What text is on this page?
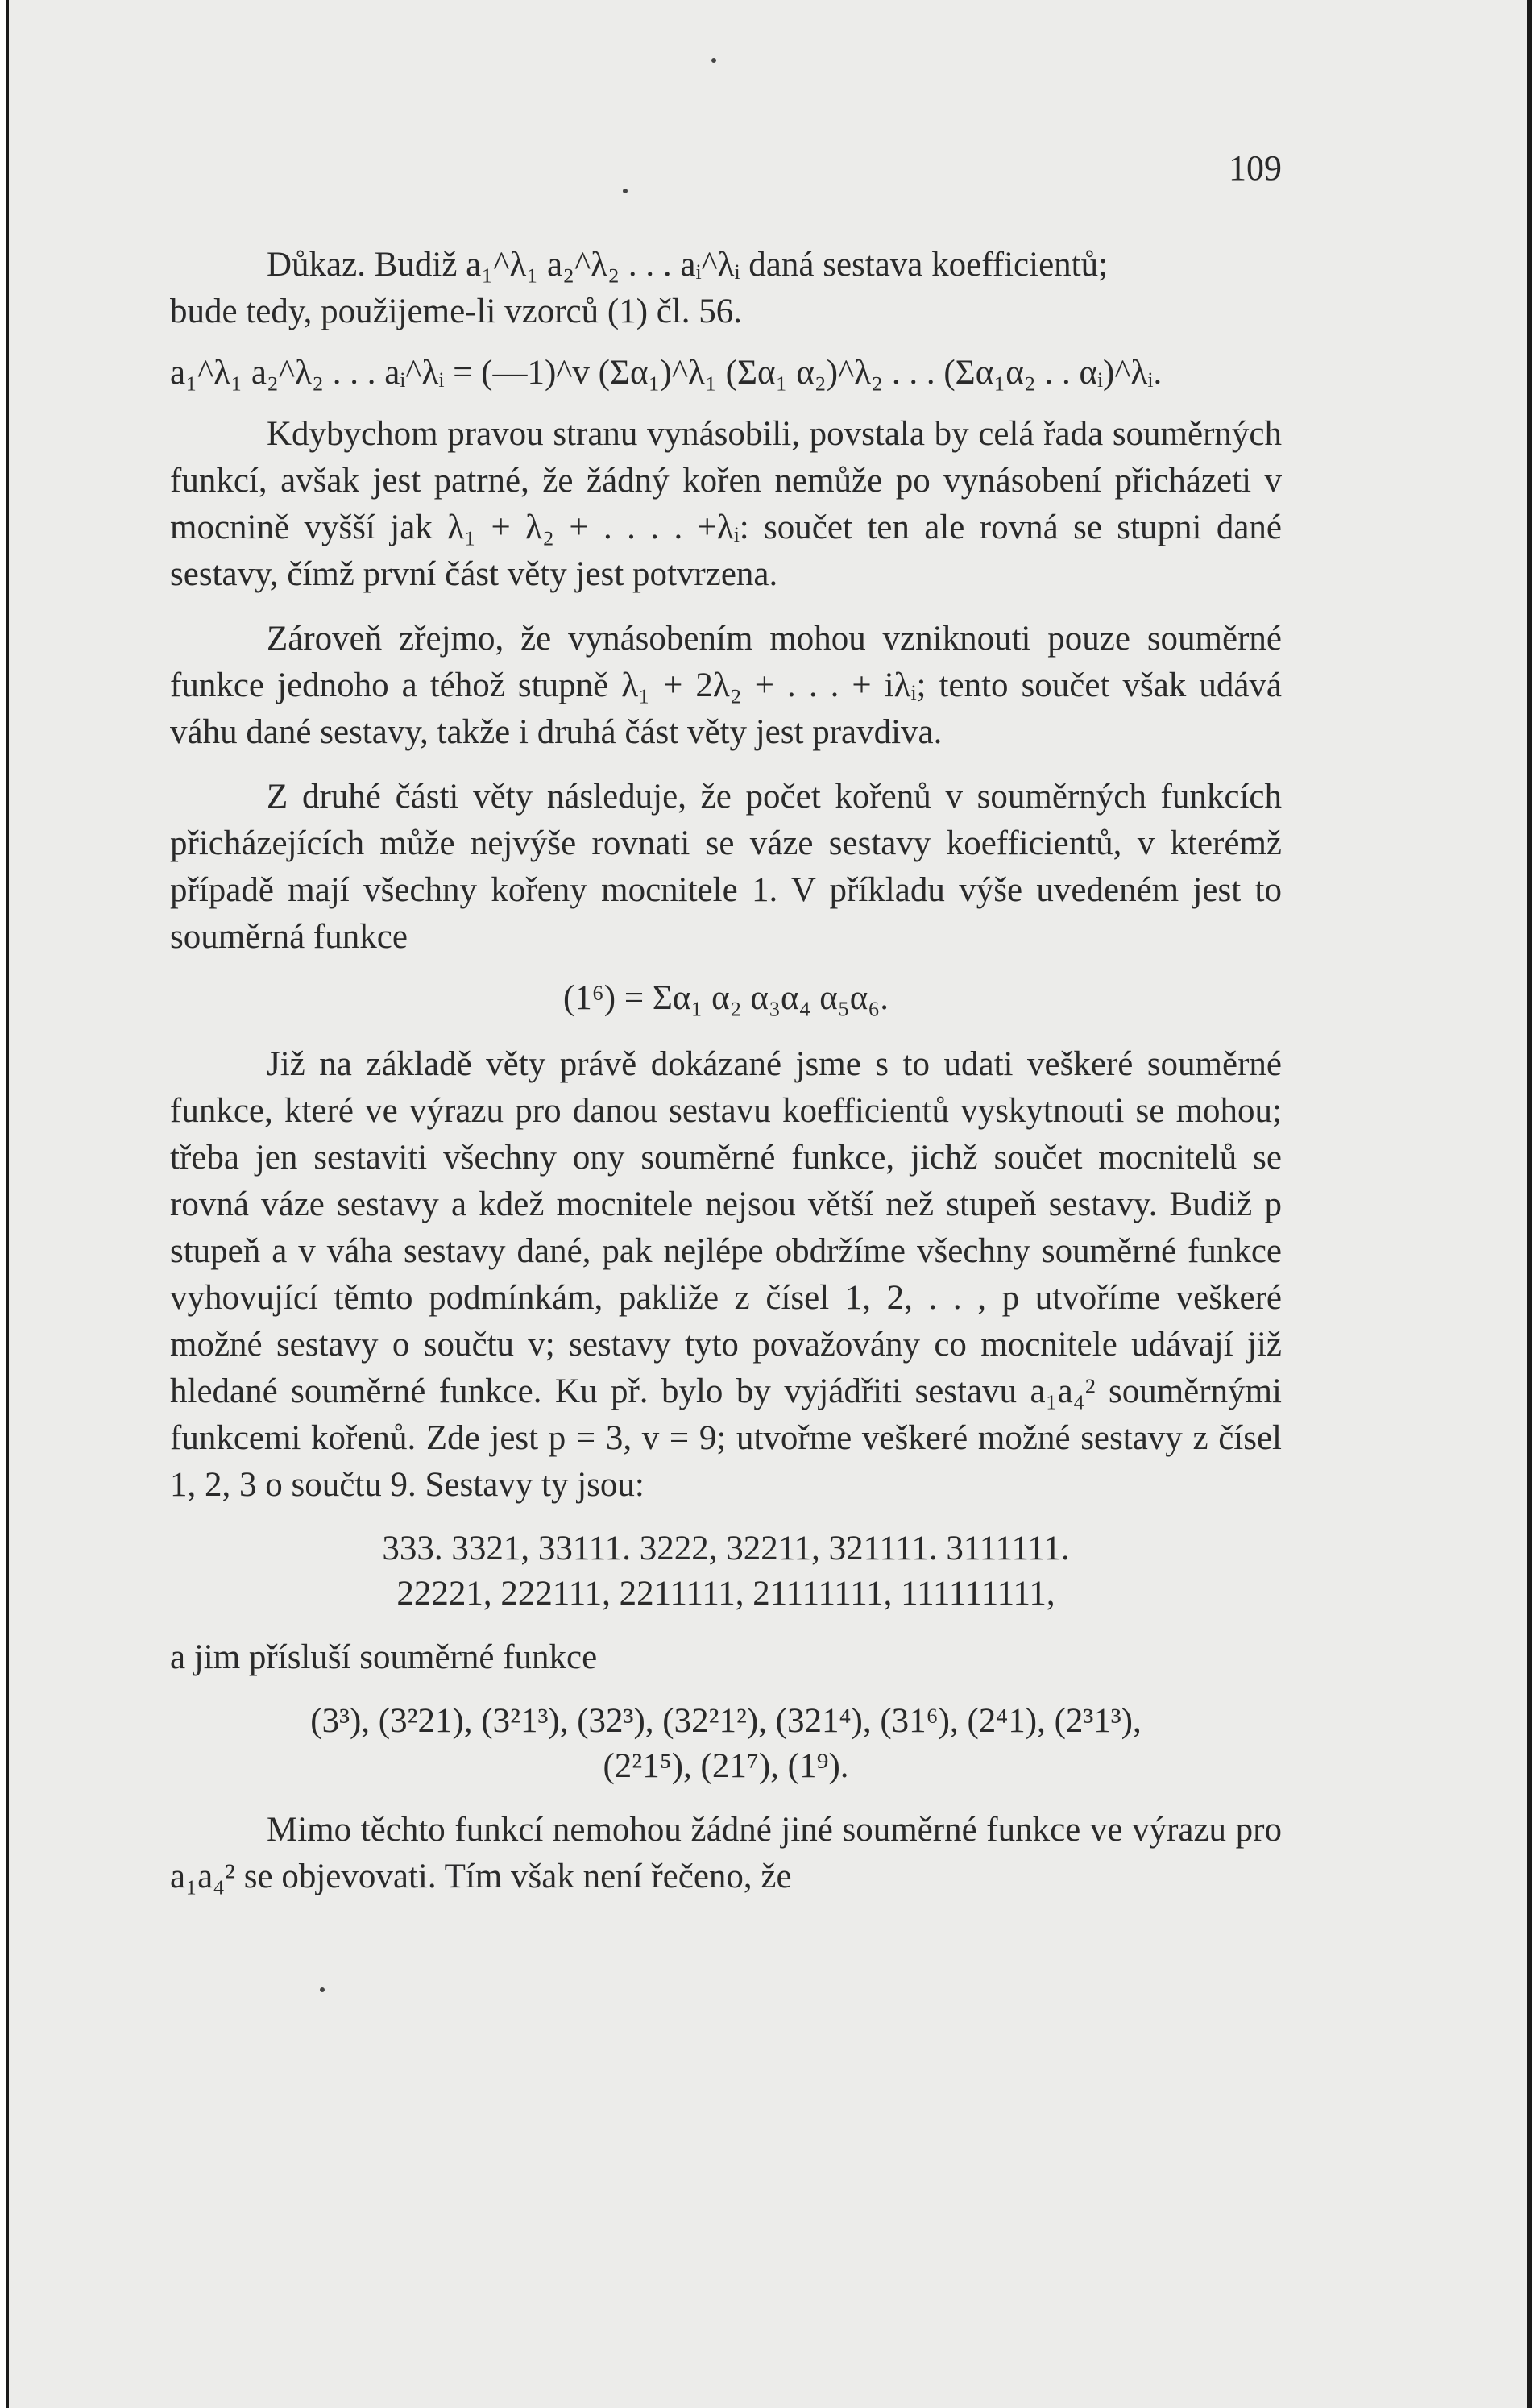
109

Důkaz. Budiž a₁^λ₁ a₂^λ₂ . . . aᵢ^λᵢ daná sestava koefficientů;

bude tedy, použijeme-li vzorců (1) čl. 56.

a₁^λ₁ a₂^λ₂ . . . aᵢ^λᵢ = (—1)^v (Σα₁)^λ₁ (Σα₁ α₂)^λ₂ . . . (Σα₁α₂ . . αᵢ)^λᵢ.

Kdybychom pravou stranu vynásobili, povstala by celá řada souměrných funkcí, avšak jest patrné, že žádný kořen nemůže po vynásobení přicházeti v mocnině vyšší jak λ₁ + λ₂ + . . . . +λᵢ: součet ten ale rovná se stupni dané sestavy, čímž první část věty jest potvrzena.

Zároveň zřejmo, že vynásobením mohou vzniknouti pouze souměrné funkce jednoho a téhož stupně λ₁ + 2λ₂ + . . . + iλᵢ; tento součet však udává váhu dané sestavy, takže i druhá část věty jest pravdiva.

Z druhé části věty následuje, že počet kořenů v souměrných funkcích přicházejících může nejvýše rovnati se váze sestavy koefficientů, v kterémž případě mají všechny kořeny mocnitele 1. V příkladu výše uvedeném jest to souměrná funkce

(1⁶) = Σα₁ α₂ α₃α₄ α₅α₆.

Již na základě věty právě dokázané jsme s to udati veškeré souměrné funkce, které ve výrazu pro danou sestavu koefficientů vyskytnouti se mohou; třeba jen sestaviti všechny ony souměrné funkce, jichž součet mocnitelů se rovná váze sestavy a kdež mocnitele nejsou větší než stupeň sestavy. Budiž p stupeň a v váha sestavy dané, pak nejlépe obdržíme všechny souměrné funkce vyhovující těmto podmínkám, pakliže z čísel 1, 2, . . , p utvoříme veškeré možné sestavy o součtu v; sestavy tyto považovány co mocnitele udávají již hledané souměrné funkce. Ku př. bylo by vyjádřiti sestavu a₁a₄² souměrnými funkcemi kořenů. Zde jest p = 3, v = 9; utvořme veškeré možné sestavy z čísel 1, 2, 3 o součtu 9. Sestavy ty jsou:

333. 3321, 33111. 3222, 32211, 321111. 3111111.
22221, 222111, 2211111, 21111111, 111111111,

a jim přísluší souměrné funkce

(3³), (3²21), (3²1³), (32³), (32²1²), (321⁴), (31⁶), (2⁴1), (2³1³),
(2²1⁵), (21⁷), (1⁹).

Mimo těchto funkcí nemohou žádné jiné souměrné funkce ve výrazu pro a₁a₄² se objevovati. Tím však není řečeno, že
